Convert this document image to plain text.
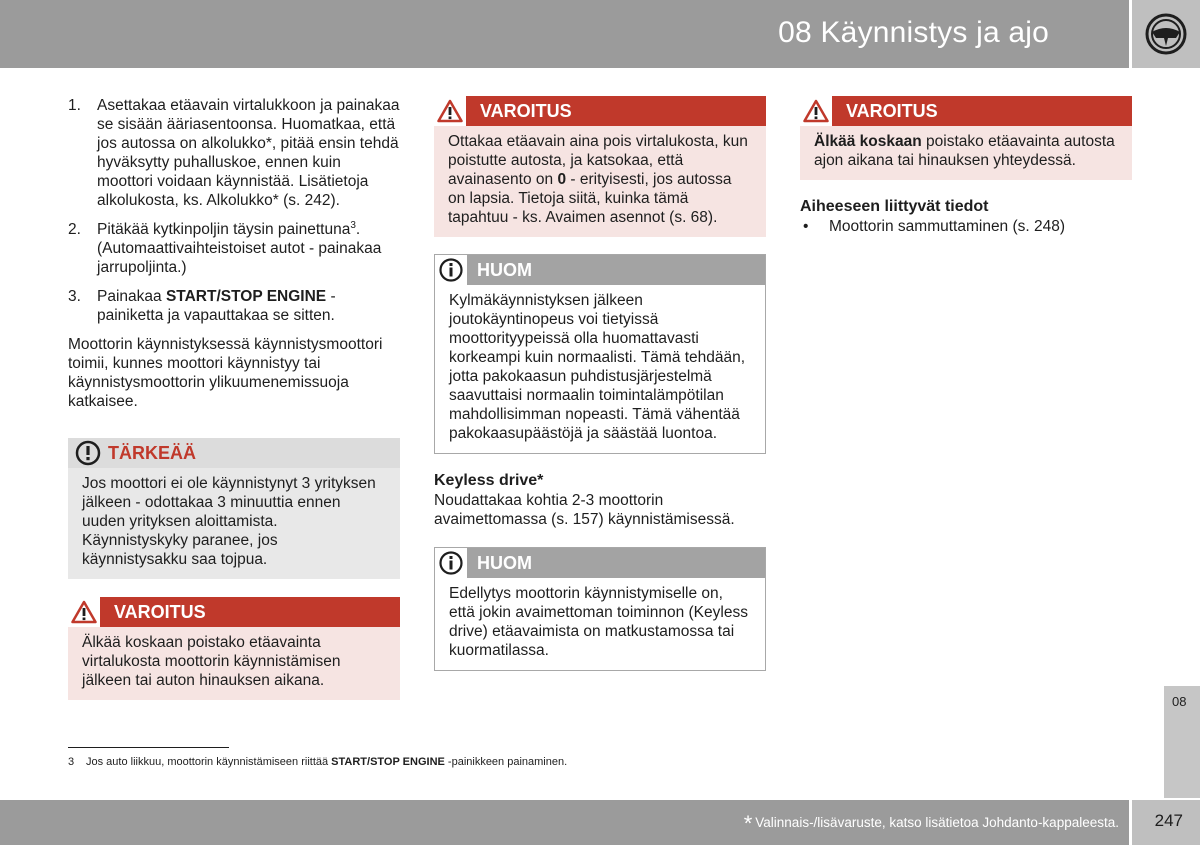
08 Käynnistys ja ajo
1. Asettakaa etäavain virtalukkoon ja painakaa se sisään ääriasentoonsa. Huomatkaa, että jos autossa on alkolukko*, pitää ensin tehdä hyväksytty puhalluskoe, ennen kuin moottori voidaan käynnistää. Lisätietoja alkolukosta, ks. Alkolukko* (s. 242).
2. Pitäkää kytkinpoljin täysin painettuna$^3$. (Automaattivaihteistoiset autot - painakaa jarrupoljinta.)
3. Painakaa START/STOP ENGINE -painiketta ja vapauttakaa se sitten.

Moottorin käynnistyksessä käynnistysmoottori toimii, kunnes moottori käynnistyy tai käynnistysmoottorin ylikuumenemissuoja katkaisee.

TÄRKEÄÄ
Jos moottori ei ole käynnistynyt 3 yrityksen jälkeen - odottakaa 3 minuuttia ennen uuden yrityksen aloittamista. Käynnistyskyky paranee, jos käynnistysakku saa tojpua.
VAROITUS
Älkää koskaan poistako etäavainta virtalukosta moottorin käynnistämisen jälkeen tai auton hinauksen aikana.
VAROITUS
Ottakaa etäavain aina pois virtalukosta, kun poistutte autosta, ja katsokaa, että avainasento on 0 - erityisesti, jos autossa on lapsia. Tietoja siitä, kuinka tämä tapahtuu - ks. Avaimen asennot (s. 68).
HUOM
Kylmäkäynnistyksen jälkeen joutokäyntinopeus voi tietyissä moottorityypeissä olla huomattavasti korkeampi kuin normaalisti. Tämä tehdään, jotta pakokaasun puhdistusjärjestelmä saavuttaisi normaalin toimintalämpötilan mahdollisimman nopeasti. Tämä vähentää pakokaasupäästöjä ja säästää luontoa.
Keyless drive*

Noudattakaa kohtia 2-3 moottorin avaimettomassa (s. 157) käynnistämisessä.

HUOM
Edellytys moottorin käynnistymiselle on, että jokin avaimettoman toiminnon (Keyless drive) etäavaimista on matkustamossa tai kuormatilassa.
VAROITUS
Älkää koskaan poistako etäavainta autosta ajon aikana tai hinauksen yhteydessä.
Aiheeseen liittyvät tiedot
• Moottorin sammuttaminen (s. 248)
08
3 Jos auto liikkuu, moottorin käynnistämiseen riittää START/STOP ENGINE -painikkeen painaminen.
* Valinnais-/lisävaruste, katso lisätietoa Johdanto-kappaleesta. 247
